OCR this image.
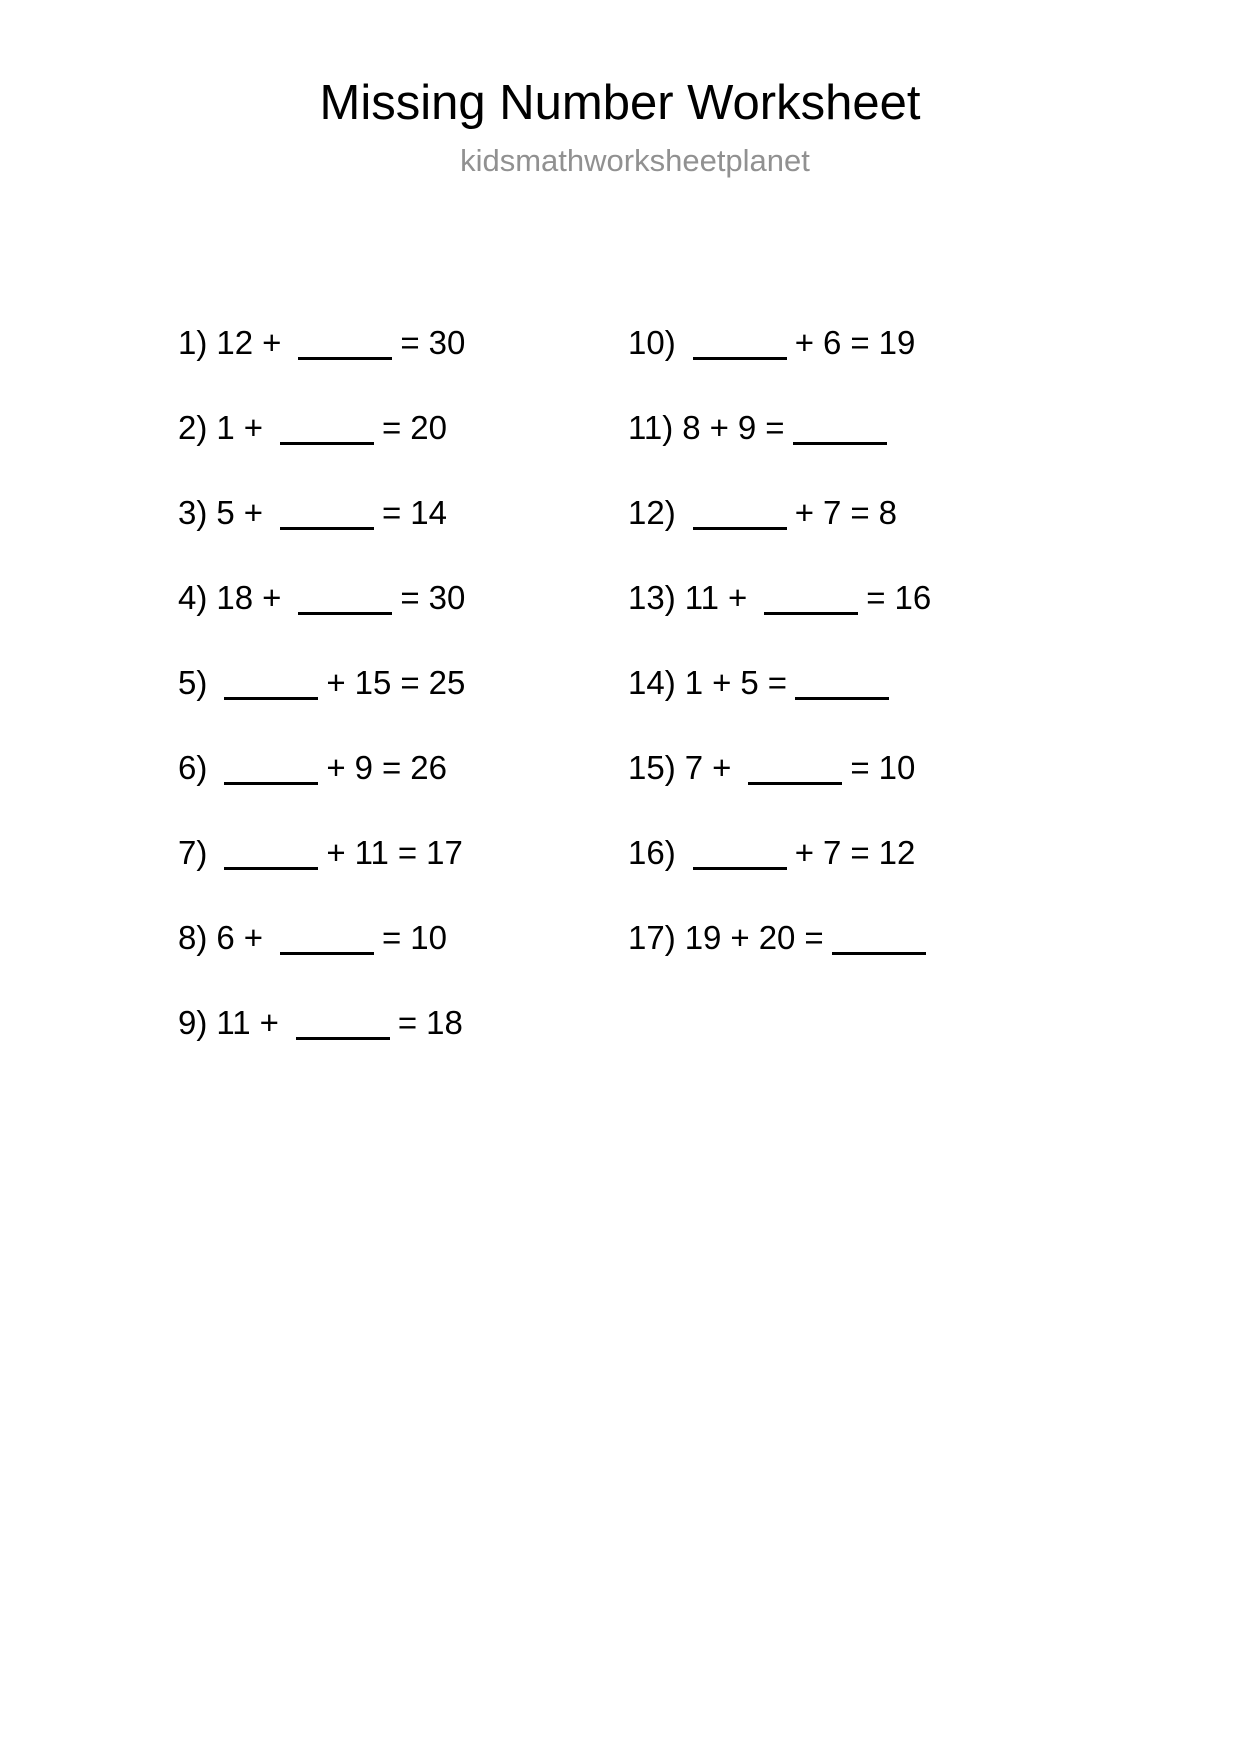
Missing Number Worksheet
kidsmathworksheetplanet
1) 12 +	= 30
2) 1 +	= 20
3) 5 +	= 14
4) 18 +	= 30
5)	+ 15 = 25
6)	+ 9 = 26
7)	+ 11 = 17
8) 6 +	= 10
9) 11 +	= 18
10)	+ 6 = 19
11) 8 + 9 =
12)	+ 7 = 8
13) 11 +	= 16
14) 1 + 5 =
15) 7 +	= 10
16)	+ 7 = 12
17) 19 + 20 =
